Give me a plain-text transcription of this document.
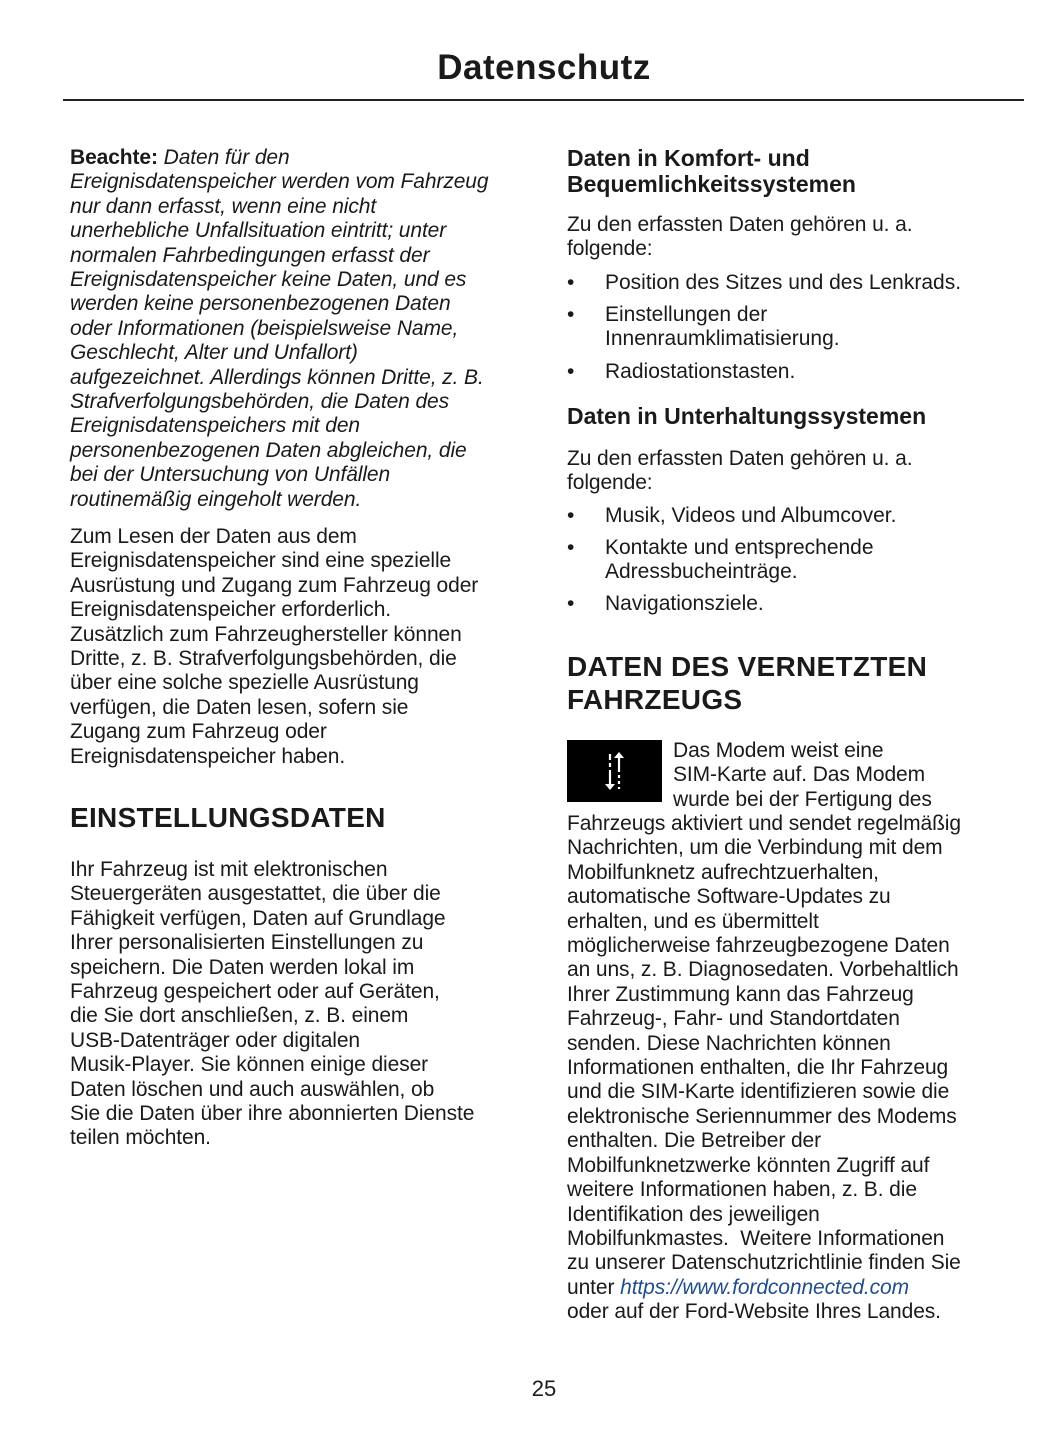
Datenschutz
Beachte: Daten für den
Ereignisdatenspeicher werden vom Fahrzeug
nur dann erfasst, wenn eine nicht
unerhebliche Unfallsituation eintritt; unter
normalen Fahrbedingungen erfasst der
Ereignisdatenspeicher keine Daten, und es
werden keine personenbezogenen Daten
oder Informationen (beispielsweise Name,
Geschlecht, Alter und Unfallort)
aufgezeichnet. Allerdings können Dritte, z. B.
Strafverfolgungsbehörden, die Daten des
Ereignisdatenspeichers mit den
personenbezogenen Daten abgleichen, die
bei der Untersuchung von Unfällen
routinemäßig eingeholt werden.
Zum Lesen der Daten aus dem
Ereignisdatenspeicher sind eine spezielle
Ausrüstung und Zugang zum Fahrzeug oder
Ereignisdatenspeicher erforderlich.
Zusätzlich zum Fahrzeughersteller können
Dritte, z. B. Strafverfolgungsbehörden, die
über eine solche spezielle Ausrüstung
verfügen, die Daten lesen, sofern sie
Zugang zum Fahrzeug oder
Ereignisdatenspeicher haben.
EINSTELLUNGSDATEN
Ihr Fahrzeug ist mit elektronischen
Steuergeräten ausgestattet, die über die
Fähigkeit verfügen, Daten auf Grundlage
Ihrer personalisierten Einstellungen zu
speichern. Die Daten werden lokal im
Fahrzeug gespeichert oder auf Geräten,
die Sie dort anschließen, z. B. einem
USB-Datenträger oder digitalen
Musik-Player. Sie können einige dieser
Daten löschen und auch auswählen, ob
Sie die Daten über ihre abonnierten Dienste
teilen möchten.
Daten in Komfort- und
Bequemlichkeitssystemen
Zu den erfassten Daten gehören u. a.
folgende:
• Position des Sitzes und des Lenkrads.
• Einstellungen der
Innenraumklimatisierung.
• Radiostationstasten.
Daten in Unterhaltungssystemen
Zu den erfassten Daten gehören u. a.
folgende:
• Musik, Videos und Albumcover.
• Kontakte und entsprechende
Adressbucheinträge.
• Navigationsziele.
DATEN DES VERNETZTEN
FAHRZEUGS
Das Modem weist eine
SIM-Karte auf. Das Modem
wurde bei der Fertigung des
Fahrzeugs aktiviert und sendet regelmäßig
Nachrichten, um die Verbindung mit dem
Mobilfunknetz aufrechtzuerhalten,
automatische Software-Updates zu
erhalten, und es übermittelt
möglicherweise fahrzeugbezogene Daten
an uns, z. B. Diagnosedaten. Vorbehaltlich
Ihrer Zustimmung kann das Fahrzeug
Fahrzeug-, Fahr- und Standortdaten
senden. Diese Nachrichten können
Informationen enthalten, die Ihr Fahrzeug
und die SIM-Karte identifizieren sowie die
elektronische Seriennummer des Modems
enthalten. Die Betreiber der
Mobilfunknetzwerke könnten Zugriff auf
weitere Informationen haben, z. B. die
Identifikation des jeweiligen
Mobilfunkmastes.  Weitere Informationen
zu unserer Datenschutzrichtlinie finden Sie
unter https://www.fordconnected.com
oder auf der Ford-Website Ihres Landes.
25
